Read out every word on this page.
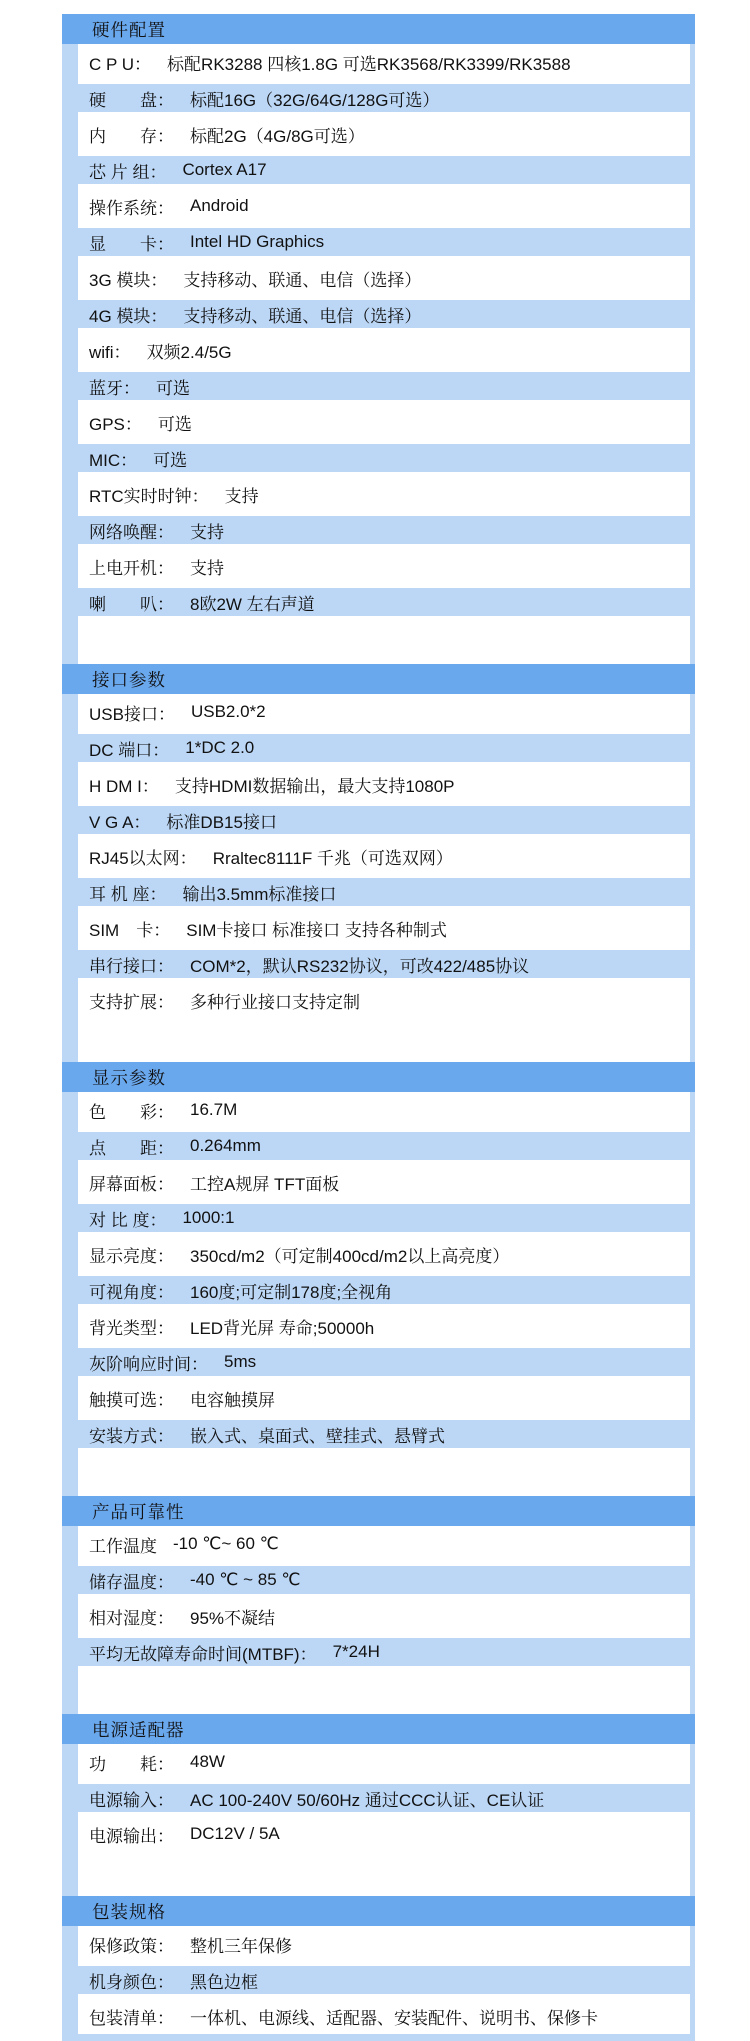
硬件配置
C P U： 标配RK3288 四核1.8G 可选RK3568/RK3399/RK3588
硬　　盘： 标配16G（32G/64G/128G可选）
内　　存： 标配2G（4G/8G可选）
芯 片 组： Cortex A17
操作系统： Android
显　　卡： Intel HD Graphics
3G 模块： 支持移动、联通、电信（选择）
4G 模块： 支持移动、联通、电信（选择）
wifi： 双频2.4/5G
蓝牙： 可选
GPS： 可选
MIC： 可选
RTC实时时钟： 支持
网络唤醒： 支持
上电开机： 支持
喇　　叭： 8欧2W 左右声道
接口参数
USB接口： USB2.0*2
DC 端口： 1*DC 2.0
H DM I： 支持HDMI数据输出，最大支持1080P
V G A： 标准DB15接口
RJ45以太网： Rraltec8111F 千兆（可选双网）
耳 机 座： 输出3.5mm标准接口
SIM　卡： SIM卡接口 标准接口 支持各种制式
串行接口： COM*2，默认RS232协议，可改422/485协议
支持扩展： 多种行业接口支持定制
显示参数
色　　彩： 16.7M
点　　距： 0.264mm
屏幕面板： 工控A规屏 TFT面板
对 比 度： 1000:1
显示亮度： 350cd/m2（可定制400cd/m2以上高亮度）
可视角度： 160度;可定制178度;全视角
背光类型： LED背光屏 寿命;50000h
灰阶响应时间： 5ms
触摸可选： 电容触摸屏
安装方式： 嵌入式、桌面式、壁挂式、悬臂式
产品可靠性
工作温度 -10 ℃~ 60 ℃
储存温度： -40 ℃ ~ 85 ℃
相对湿度： 95%不凝结
平均无故障寿命时间(MTBF)： 7*24H
电源适配器
功　　耗： 48W
电源输入： AC 100-240V 50/60Hz 通过CCC认证、CE认证
电源输出： DC12V / 5A
包装规格
保修政策： 整机三年保修
机身颜色： 黑色边框
包装清单： 一体机、电源线、适配器、安装配件、说明书、保修卡
